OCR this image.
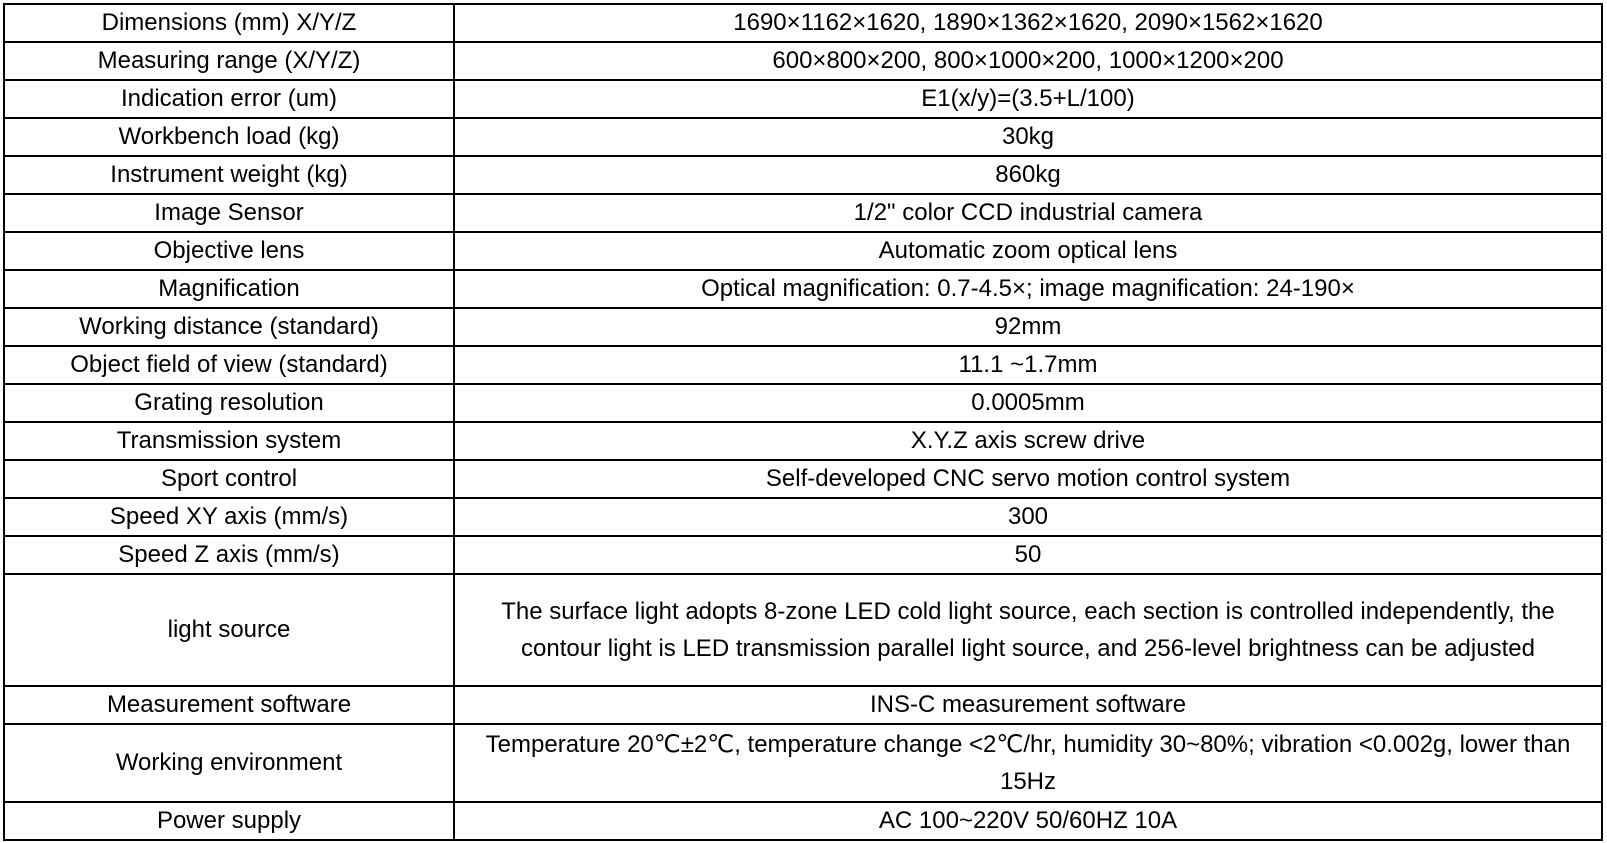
Dimensions (mm) X/Y/Z	1690×1162×1620, 1890×1362×1620, 2090×1562×1620
Measuring range (X/Y/Z)	600×800×200, 800×1000×200, 1000×1200×200
Indication error (um)	E1(x/y)=(3.5+L/100)
Workbench load (kg)	30kg
Instrument weight (kg)	860kg
Image Sensor	1/2" color CCD industrial camera
Objective lens	Automatic zoom optical lens
Magnification	Optical magnification: 0.7-4.5×; image magnification: 24-190×
Working distance (standard)	92mm
Object field of view (standard)	11.1 ~1.7mm
Grating resolution	0.0005mm
Transmission system	X.Y.Z axis screw drive
Sport control	Self-developed CNC servo motion control system
Speed XY axis (mm/s)	300
Speed Z axis (mm/s)	50
light source	The surface light adopts 8-zone LED cold light source, each section is controlled independently, the contour light is LED transmission parallel light source, and 256-level brightness can be adjusted

Measurement software	INS-C measurement software
Working environment	Temperature 20℃±2℃, temperature change <2℃/hr, humidity 30~80%; vibration <0.002g, lower than 15Hz

Power supply	AC 100~220V 50/60HZ 10A
